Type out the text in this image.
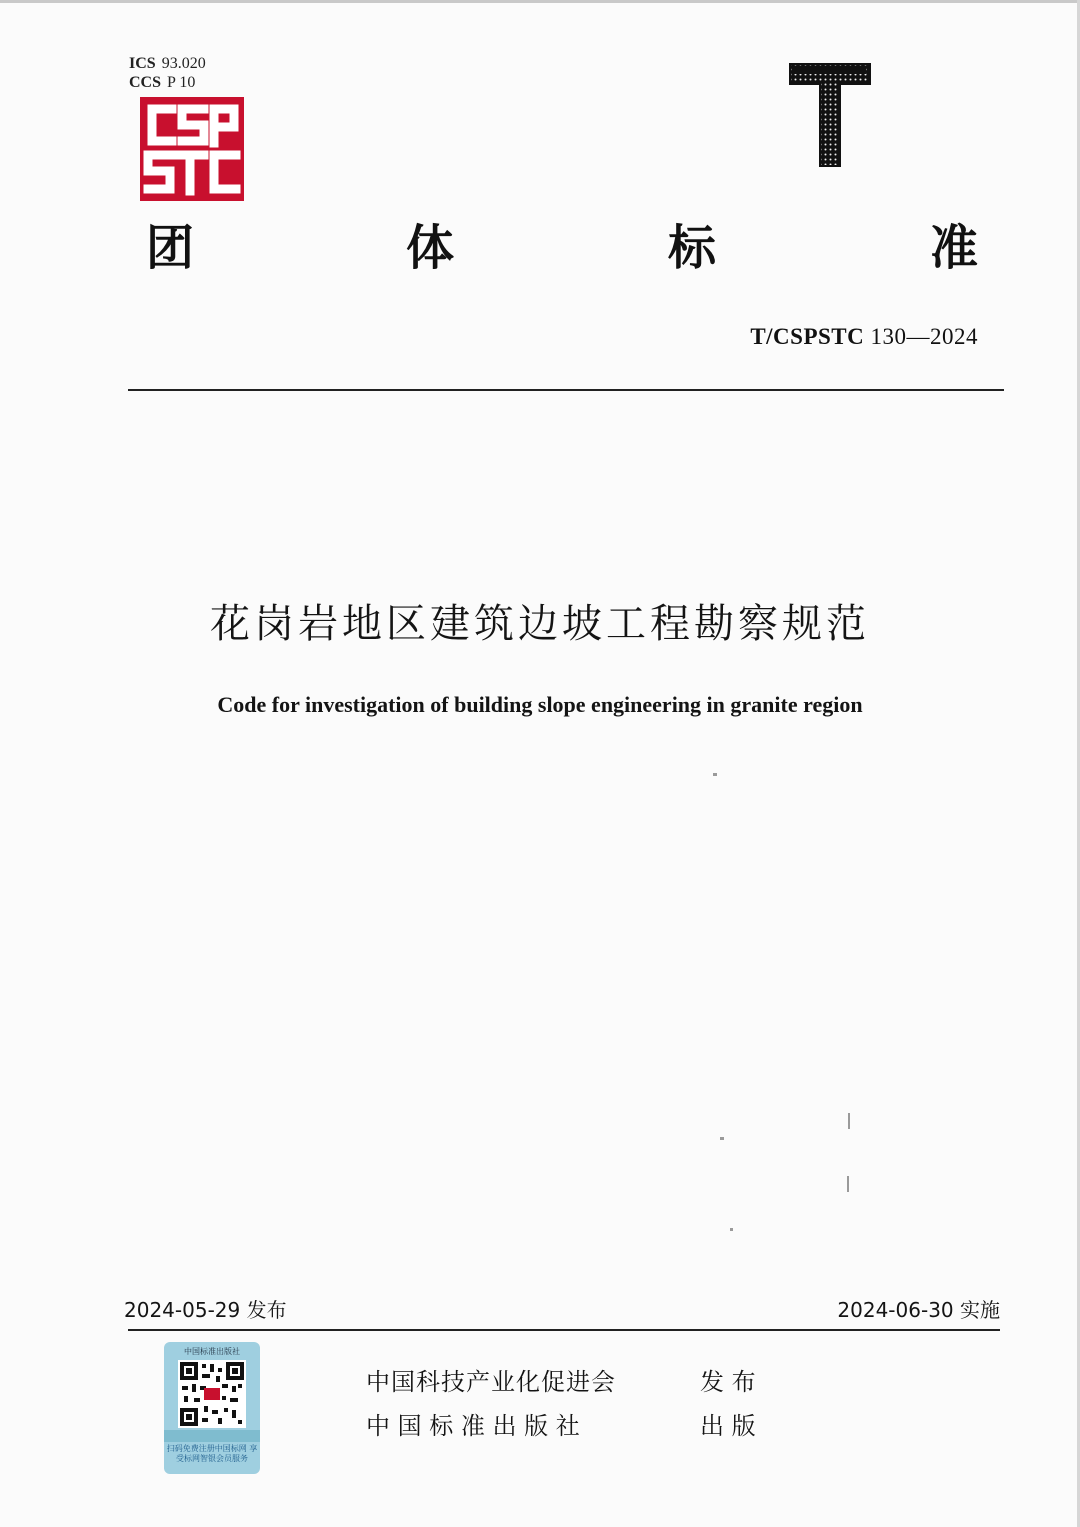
ICS 93.020
CCS P 10
团	体	标	准
T/CSPSTC 130—2024
花岗岩地区建筑边坡工程勘察规范
Code for investigation of building slope engineering in granite region
2024-05-29 发布	2024-06-30 实施
中国标准出版社
扫码免费注册中国标网 享受标网智银会员服务
中国科技产业化促进会	发 布
中 国 标 准 出 版 社	出 版
